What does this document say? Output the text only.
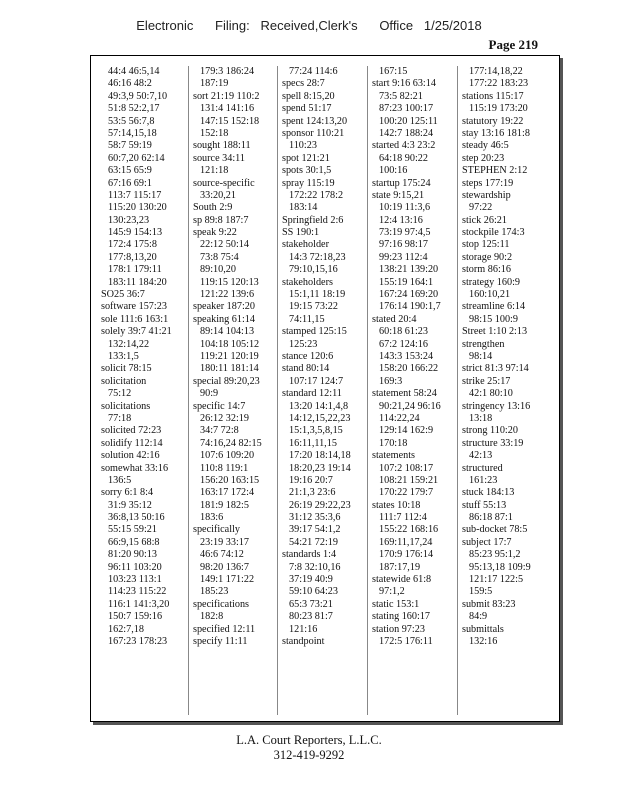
Electronic      Filing:   Received,Clerk's      Office   1/25/2018
Page 219
44:4 46:5,14
46:16 48:2
49:3,9 50:7,10
51:8 52:2,17
53:5 56:7,8
57:14,15,18
58:7 59:19
60:7,20 62:14
63:15 65:9
67:16 69:1
113:7 115:17
115:20 130:20
130:23,23
145:9 154:13
172:4 175:8
177:8,13,20
178:1 179:11
183:11 184:20
SO25 36:7
software 157:23
sole 111:6 163:1
solely 39:7 41:21
132:14,22
133:1,5
solicit 78:15
solicitation
75:12
solicitations
77:18
solicited 72:23
solidify 112:14
solution 42:16
somewhat 33:16
136:5
sorry 6:1 8:4
31:9 35:12
36:8,13 50:16
55:15 59:21
66:9,15 68:8
81:20 90:13
96:11 103:20
103:23 113:1
114:23 115:22
116:1 141:3,20
150:7 159:16
162:7,18
167:23 178:23
179:3 186:24
187:19
sort 21:19 110:2
131:4 141:16
147:15 152:18
152:18
sought 188:11
source 34:11
121:18
source-specific
33:20,21
South 2:9
sp 89:8 187:7
speak 9:22
22:12 50:14
73:8 75:4
89:10,20
119:15 120:13
121:22 139:6
speaker 187:20
speaking 61:14
89:14 104:13
104:18 105:12
119:21 120:19
180:11 181:14
special 89:20,23
90:9
specific 14:7
26:12 32:19
34:7 72:8
74:16,24 82:15
107:6 109:20
110:8 119:1
156:20 163:15
163:17 172:4
181:9 182:5
183:6
specifically
23:19 33:17
46:6 74:12
98:20 136:7
149:1 171:22
185:23
specifications
182:8
specified 12:11
specify 11:11
77:24 114:6
specs 28:7
spell 8:15,20
spend 51:17
spent 124:13,20
sponsor 110:21
110:23
spot 121:21
spots 30:1,5
spray 115:19
172:22 178:2
183:14
Springfield 2:6
SS 190:1
stakeholder
14:3 72:18,23
79:10,15,16
stakeholders
15:1,11 18:19
19:15 73:22
74:11,15
stamped 125:15
125:23
stance 120:6
stand 80:14
107:17 124:7
standard 12:11
13:20 14:1,4,8
14:12,15,22,23
15:1,3,5,8,15
16:11,11,15
17:20 18:14,18
18:20,23 19:14
19:16 20:7
21:1,3 23:6
26:19 29:22,23
31:12 35:3,6
39:17 54:1,2
54:21 72:19
standards 1:4
7:8 32:10,16
37:19 40:9
59:10 64:23
65:3 73:21
80:23 81:7
121:16
standpoint
167:15
start 9:16 63:14
73:5 82:21
87:23 100:17
100:20 125:11
142:7 188:24
started 4:3 23:2
64:18 90:22
100:16
startup 175:24
state 9:15,21
10:19 11:3,6
12:4 13:16
73:19 97:4,5
97:16 98:17
99:23 112:4
138:21 139:20
155:19 164:1
167:24 169:20
176:14 190:1,7
stated 20:4
60:18 61:23
67:2 124:16
143:3 153:24
158:20 166:22
169:3
statement 58:24
90:21,24 96:16
114:22,24
129:14 162:9
170:18
statements
107:2 108:17
108:21 159:21
170:22 179:7
states 10:18
111:7 112:4
155:22 168:16
169:11,17,24
170:9 176:14
187:17,19
statewide 61:8
97:1,2
static 153:1
stating 160:17
station 97:23
172:5 176:11
177:14,18,22
177:22 183:23
stations 115:17
115:19 173:20
statutory 19:22
stay 13:16 181:8
steady 46:5
step 20:23
STEPHEN 2:12
steps 177:19
stewardship
97:22
stick 26:21
stockpile 174:3
stop 125:11
storage 90:2
storm 86:16
strategy 160:9
160:10,21
streamline 6:14
98:15 100:9
Street 1:10 2:13
strengthen
98:14
strict 81:3 97:14
strike 25:17
42:1 80:10
stringency 13:16
13:18
strong 110:20
structure 33:19
42:13
structured
161:23
stuck 184:13
stuff 55:13
86:18 87:1
sub-docket 78:5
subject 17:7
85:23 95:1,2
95:13,18 109:9
121:17 122:5
159:5
submit 83:23
84:9
submittals
132:16
L.A. Court Reporters, L.L.C.
312-419-9292
